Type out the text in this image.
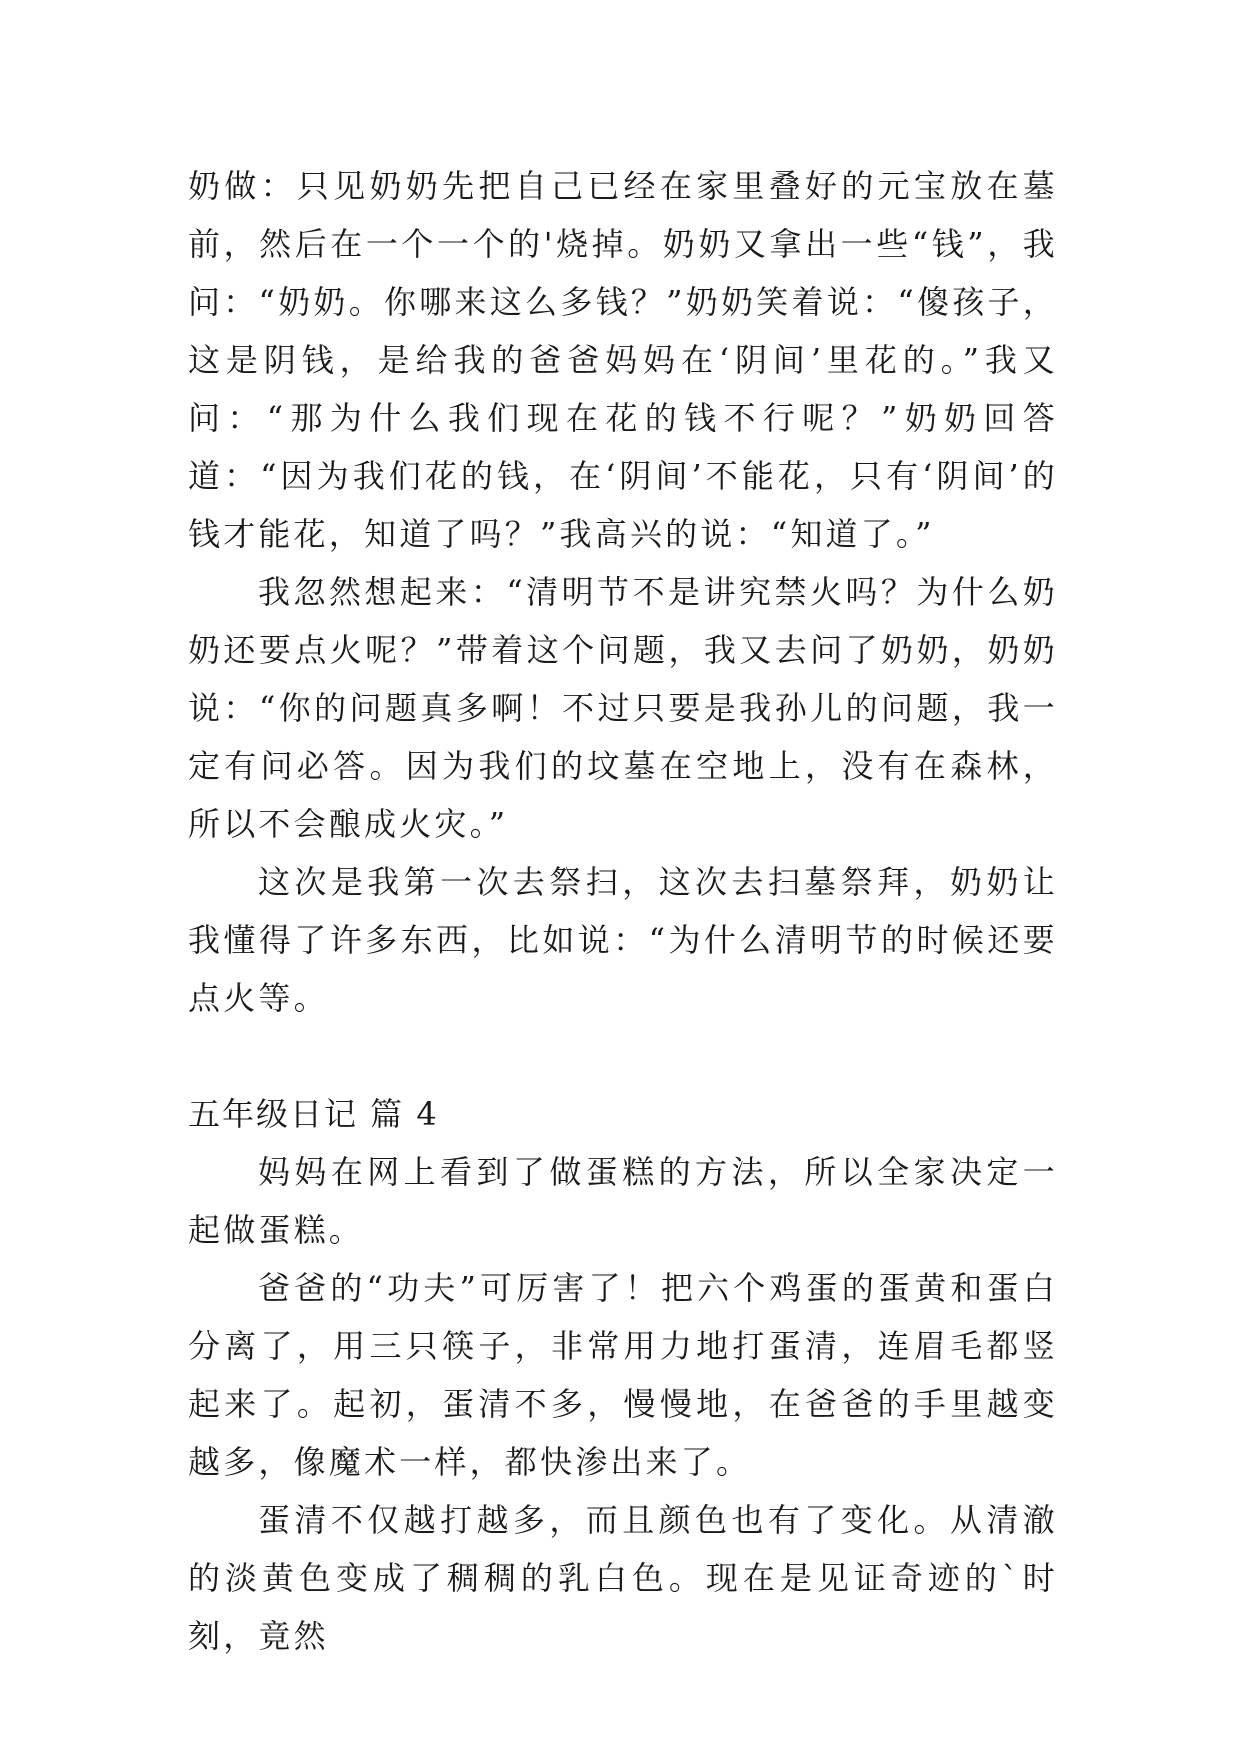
奶做：只见奶奶先把自己已经在家里叠好的元宝放在墓前，然后在一个一个的'烧掉。奶奶又拿出一些“钱”，我问：“奶奶。你哪来这么多钱？”奶奶笑着说：“傻孩子，这是阴钱，是给我的爸爸妈妈在‘阴间’里花的。”我又问：“那为什么我们现在花的钱不行呢？”奶奶回答道：“因为我们花的钱，在‘阴间’不能花，只有‘阴间’的钱才能花，知道了吗？”我高兴的说：“知道了。”

我忽然想起来：“清明节不是讲究禁火吗？为什么奶奶还要点火呢？”带着这个问题，我又去问了奶奶，奶奶说：“你的问题真多啊！不过只要是我孙儿的问题，我一定有问必答。因为我们的坟墓在空地上，没有在森林，所以不会酿成火灾。”

这次是我第一次去祭扫，这次去扫墓祭拜，奶奶让我懂得了许多东西，比如说：“为什么清明节的时候还要点火等。

五年级日记 篇 4

妈妈在网上看到了做蛋糕的方法，所以全家决定一起做蛋糕。

爸爸的“功夫”可厉害了！把六个鸡蛋的蛋黄和蛋白分离了，用三只筷子，非常用力地打蛋清，连眉毛都竖起来了。起初，蛋清不多，慢慢地，在爸爸的手里越变越多，像魔术一样，都快渗出来了。

蛋清不仅越打越多，而且颜色也有了变化。从清澈的淡黄色变成了稠稠的乳白色。现在是见证奇迹的`时刻，竟然
